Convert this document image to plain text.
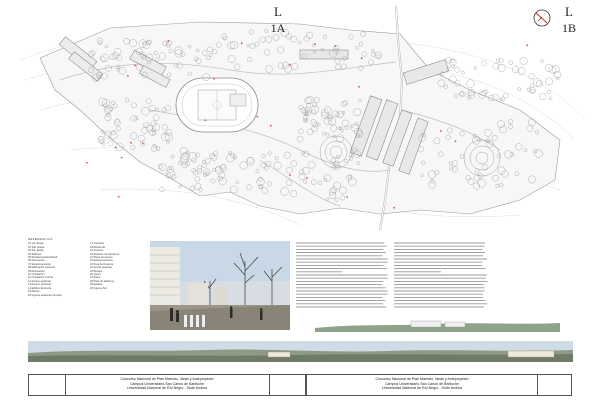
L
1A
L
1B
REFERENCIAS
01 1ra. Etapa
02 2da. Etapa
03 3ra. Etapa
04 Edificios
05 Residencia Estudiantil
06 Recreación
07 Estacionamiento
08 Edificación existente
09 Recreación
10 Circulación
11 Circulación interna
12 Acceso peatonal
13 Acceso vehicular
14 Edificio Existente
15 Plazas
16 Ingreso peatonal principal
17 Canchas
18 Bicisenda
19 Accesos
20 Estación de colectivos
21 Plaza de acceso
22 Estacionamiento
23 Área de Reserva
24 Senda peatonal
25 Bosque
26 Vivero
27 Plaza
28 Pista de atletismo
29 Estadio
30 Ingreso Sur
Concurso Nacional de Plan Maestro, Ideas y Anteproyecto
Campus Universitario San Carlos de Bariloche
Universidad Nacional de Río Negro - Sede Andina
Concurso Nacional de Plan Maestro, Ideas y Anteproyecto
Campus Universitario San Carlos de Bariloche
Universidad Nacional de Río Negro - Sede Andina
